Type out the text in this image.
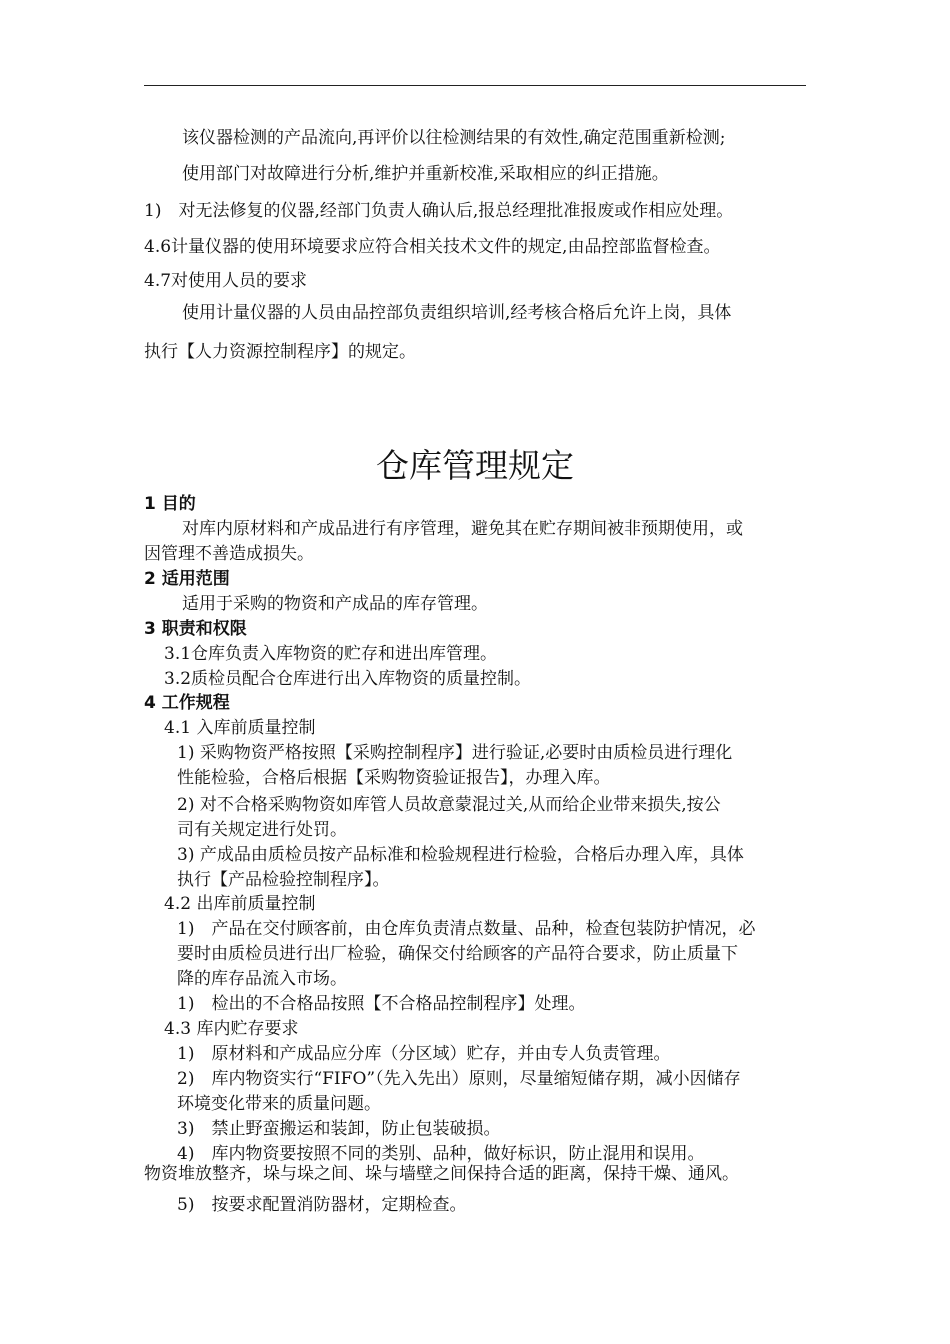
该仪器检测的产品流向,再评价以往检测结果的有效性,确定范围重新检测;
使用部门对故障进行分析,维护并重新校准,采取相应的纠正措施。
1)　对无法修复的仪器,经部门负责人确认后,报总经理批准报废或作相应处理。
4.6计量仪器的使用环境要求应符合相关技术文件的规定,由品控部监督检查。
4.7对使用人员的要求
使用计量仪器的人员由品控部负责组织培训,经考核合格后允许上岗，具体
执行【人力资源控制程序】的规定。
仓库管理规定
1 目的
对库内原材料和产成品进行有序管理，避免其在贮存期间被非预期使用，或
因管理不善造成损失。
2 适用范围
适用于采购的物资和产成品的库存管理。
3 职责和权限
3.1仓库负责入库物资的贮存和进出库管理。
3.2质检员配合仓库进行出入库物资的质量控制。
4 工作规程
4.1 入库前质量控制
1) 采购物资严格按照【采购控制程序】进行验证,必要时由质检员进行理化
性能检验，合格后根据【采购物资验证报告】，办理入库。
2) 对不合格采购物资如库管人员故意蒙混过关,从而给企业带来损失,按公
司有关规定进行处罚。
3) 产成品由质检员按产品标准和检验规程进行检验，合格后办理入库，具体
执行【产品检验控制程序】。
4.2 出库前质量控制
1)　产品在交付顾客前，由仓库负责清点数量、品种，检查包装防护情况，必
要时由质检员进行出厂检验，确保交付给顾客的产品符合要求，防止质量下
降的库存品流入市场。
1)　检出的不合格品按照【不合格品控制程序】处理。
4.3 库内贮存要求
1)　原材料和产成品应分库（分区域）贮存，并由专人负责管理。
2)　库内物资实行“FIFO”（先入先出）原则，尽量缩短储存期，减小因储存
环境变化带来的质量问题。
3)　禁止野蛮搬运和装卸，防止包装破损。
4)　库内物资要按照不同的类别、品种，做好标识，防止混用和误用。
物资堆放整齐，垛与垛之间、垛与墙壁之间保持合适的距离，保持干燥、通风。
5)　按要求配置消防器材，定期检查。
